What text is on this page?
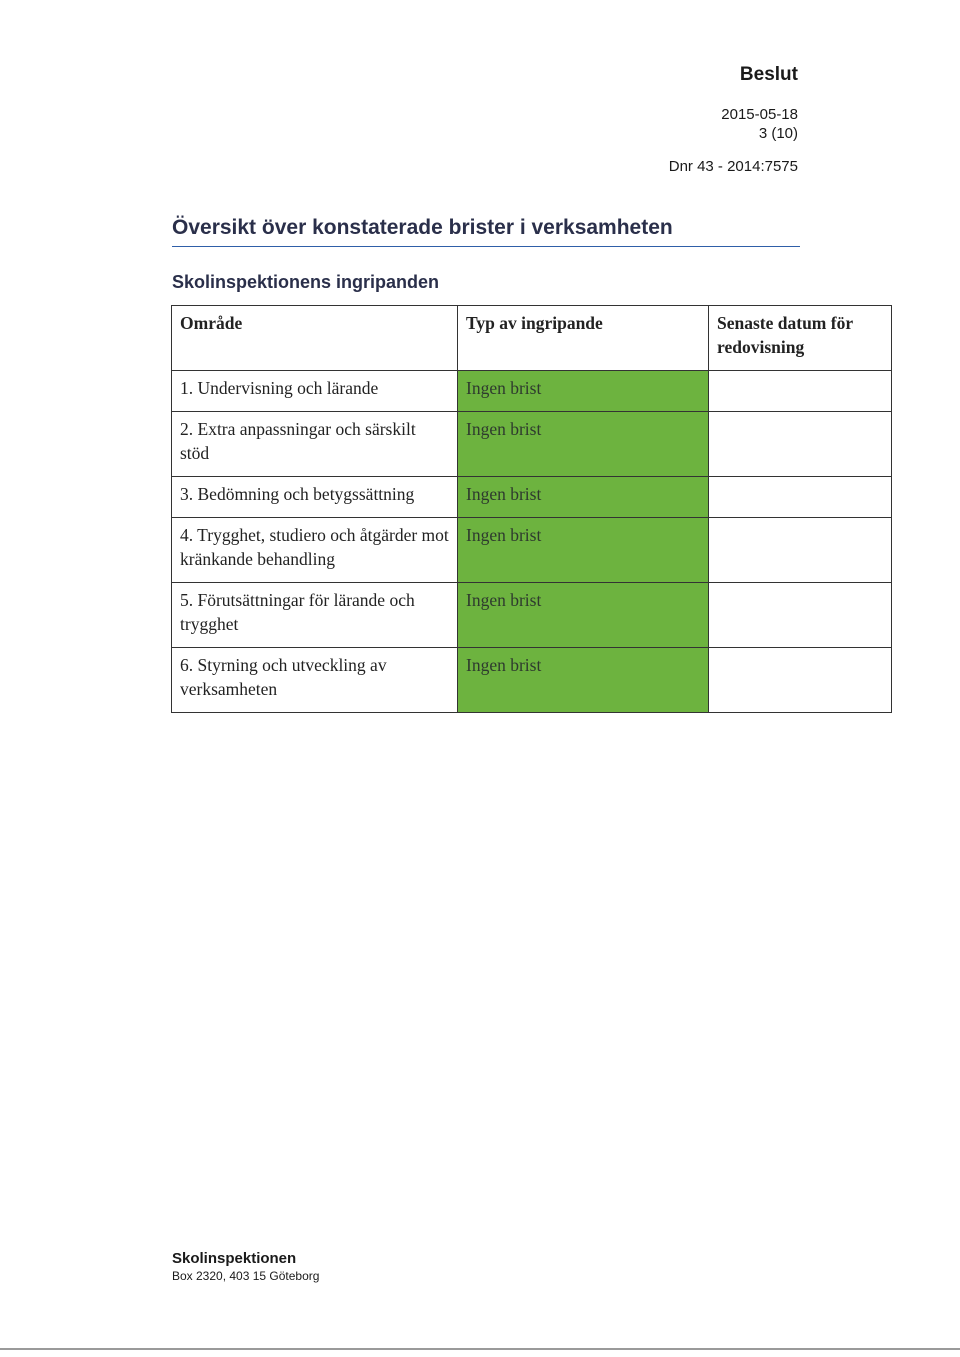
Beslut
2015-05-18
3 (10)
Dnr 43 - 2014:7575
Översikt över konstaterade brister i verksamheten
Skolinspektionens ingripanden
Område	Typ av ingripande	Senaste datum för redovisning
1. Undervisning och lärande	Ingen brist	
2. Extra anpassningar och särskilt stöd	Ingen brist	
3. Bedömning och betygssättning	Ingen brist	
4. Trygghet, studiero och åtgärder mot kränkande behandling	Ingen brist	
5. Förutsättningar för lärande och trygghet	Ingen brist	
6. Styrning och utveckling av verksamheten	Ingen brist	
Skolinspektionen
Box 2320, 403 15 Göteborg
